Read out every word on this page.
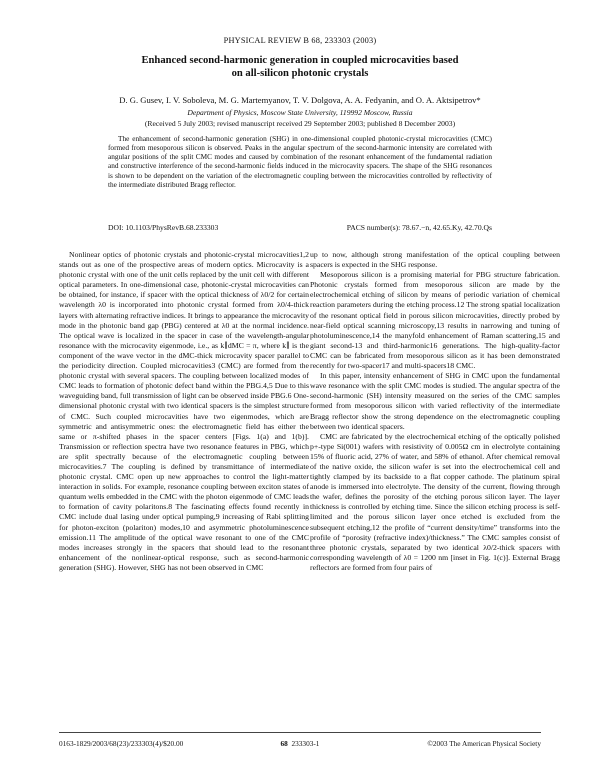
PHYSICAL REVIEW B 68, 233303 (2003)
Enhanced second-harmonic generation in coupled microcavities based
on all-silicon photonic crystals
D. G. Gusev, I. V. Soboleva, M. G. Martemyanov, T. V. Dolgova, A. A. Fedyanin, and O. A. Aktsipetrov*
Department of Physics, Moscow State University, 119992 Moscow, Russia
(Received 5 July 2003; revised manuscript received 29 September 2003; published 8 December 2003)
The enhancement of second-harmonic generation (SHG) in one-dimensional coupled photonic-crystal microcavities (CMC) formed from mesoporous silicon is observed. Peaks in the angular spectrum of the second-harmonic intensity are correlated with angular positions of the split CMC modes and caused by combination of the resonant enhancement of the fundamental radiation and constructive interference of the second-harmonic fields induced in the microcavity spacers. The shape of the SHG resonances is shown to be dependent on the variation of the electromagnetic coupling between the microcavities controlled by reflectivity of the intermediate distributed Bragg reflector.
DOI: 10.1103/PhysRevB.68.233303	PACS number(s): 78.67.−n, 42.65.Ky, 42.70.Qs

Nonlinear optics of photonic crystals and photonic-crystal microcavities1,2 stands out as one of the prospective areas of modern optics. Microcavity is a photonic crystal with one of the unit cells replaced by the unit cell with different optical parameters. In one-dimensional case, photonic-crystal microcavities can be obtained, for instance, if spacer with the optical thickness of λ0/2 for certain wavelength λ0 is incorporated into photonic crystal formed from λ0/4-thick layers with alternating refractive indices. It brings to appearance the microcavity mode in the photonic band gap (PBG) centered at λ0 at the normal incidence. The optical wave is localized in the spacer in case of the wavelength-angular resonance with the microcavity eigenmode, i.e., as k∥dMC = π, where k∥ is the component of the wave vector in the dMC-thick microcavity spacer parallel to the periodicity direction. Coupled microcavities3 (CMC) are formed from the photonic crystal with several spacers. The coupling between localized modes of CMC leads to formation of photonic defect band within the PBG.4,5 Due to this waveguiding band, full transmission of light can be observed inside PBG.6 One-dimensional photonic crystal with two identical spacers is the simplest structure of CMC. Such coupled microcavities have two eigenmodes, which are symmetric and antisymmetric ones: the electromagnetic field has either the same or π-shifted phases in the spacer centers [Figs. 1(a) and 1(b)]. Transmission or reflection spectra have two resonance features in PBG, which are split spectrally because of the electromagnetic coupling between microcavities.7 The coupling is defined by transmittance of intermediate photonic crystal. CMC open up new approaches to control the light-matter interaction in solids. For example, resonance coupling between exciton states of quantum wells embedded in the CMC with the photon eigenmode of CMC leads to formation of cavity polaritons.8 The fascinating effects found recently in CMC include dual lasing under optical pumping,9 increasing of Rabi splitting for photon-exciton (polariton) modes,10 and asymmetric photoluminescence emission.11 The amplitude of the optical wave resonant to one of the CMC modes increases strongly in the spacers that should lead to the resonant enhancement of the nonlinear-optical response, such as second-harmonic generation (SHG). However, SHG has not been observed in CMC

up to now, although strong manifestation of the optical coupling between spacers is expected in the SHG response.

Mesoporous silicon is a promising material for PBG structure fabrication. Photonic crystals formed from mesoporous silicon are made by the electrochemical etching of silicon by means of periodic variation of chemical reaction parameters during the etching process.12 The strong spatial localization of the resonant optical field in porous silicon microcavities, directly probed by near-field optical scanning microscopy,13 results in narrowing and tuning of photoluminescence,14 the manyfold enhancement of Raman scattering,15 and giant second-13 and third-harmonic16 generations. The high-quality-factor CMC can be fabricated from mesoporous silicon as it has been demonstrated recently for two-spacer17 and multi-spacers18 CMC.

In this paper, intensity enhancement of SHG in CMC upon the fundamental wave resonance with the split CMC modes is studied. The angular spectra of the second-harmonic (SH) intensity measured on the series of the CMC samples formed from mesoporous silicon with varied reflectivity of the intermediate Bragg reflector show the strong dependence on the electromagnetic coupling between two identical spacers.

CMC are fabricated by the electrochemical etching of the optically polished p+-type Si(001) wafers with resistivity of 0.005Ω cm in electrolyte containing 15% of fluoric acid, 27% of water, and 58% of ethanol. After chemical removal of the native oxide, the silicon wafer is set into the electrochemical cell and tightly clamped by its backside to a flat copper cathode. The platinum spiral anode is immersed into electrolyte. The density of the current, flowing through the wafer, defines the porosity of the etching porous silicon layer. The layer thickness is controlled by etching time. Since the silicon etching process is self-limited and the porous silicon layer once etched is excluded from the subsequent etching,12 the profile of “current density/time” transforms into the profile of “porosity (refractive index)/thickness.” The CMC samples consist of three photonic crystals, separated by two identical λ0/2-thick spacers with corresponding wavelength of λ0 = 1200 nm [inset in Fig. 1(c)]. External Bragg reflectors are formed from four pairs of

0163-1829/2003/68(23)/233303(4)/$20.00	68 233303-1	©2003 The American Physical Society
